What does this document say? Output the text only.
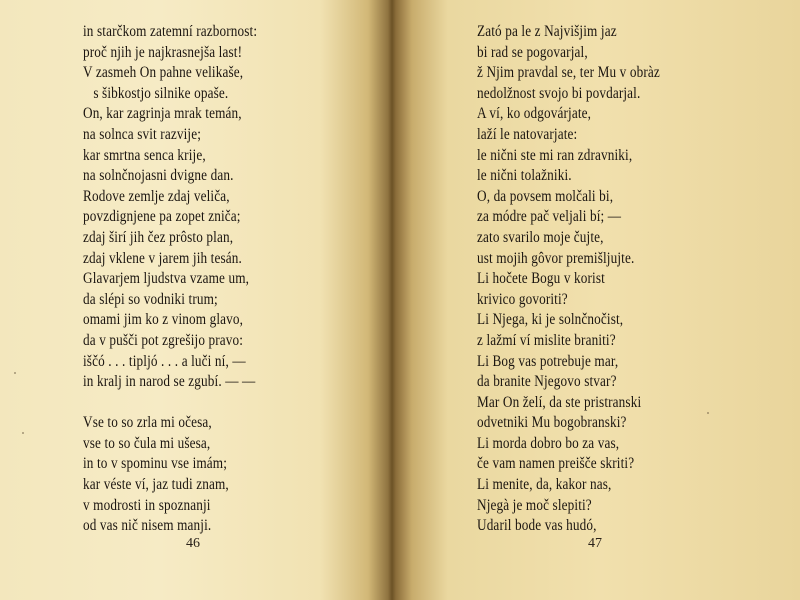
in starčkom zatemní razbornost:
proč njih je najkrasnejša last!
V zasmeh On pahne velikaše,
s šibkostjo silnike opaše.
On, kar zagrinja mrak temán,
na solnca svit razvije;
kar smrtna senca krije,
na solnčnojasni dvigne dan.
Rodove zemlje zdaj veliča,
povzdignjene pa zopet zniča;
zdaj širí jih čez prôsto plan,
zdaj vklene v jarem jih tesán.
Glavarjem ljudstva vzame um,
da slépi so vodniki trum;
omami jim ko z vinom glavo,
da v pušči pot zgrešijo pravo:
iščó . . . tipljó . . . a luči ní, —
in kralj in narod se zgubí. — —
Vse to so zrla mi očesa,
vse to so čula mi ušesa,
in to v spominu vse imám;
kar véste ví, jaz tudi znam,
v modrosti in spoznanji
od vas nič nisem manji.
46
Zató pa le z Najvišjim jaz
bi rad se pogovarjal,
ž Njim pravdal se, ter Mu v obràz
nedolžnost svojo bi povdarjal.
A ví, ko odgovárjate,
laží le natovarjate:
le nični ste mi ran zdravniki,
le nični tolažniki.
O, da povsem molčali bi,
za módre pač veljali bí; —
zato svarilo moje čujte,
ust mojih gôvor premišljujte.
Li hočete Bogu v korist
krivico govoriti?
Li Njega, ki je solnčnočist,
z lažmí ví mislite braniti?
Li Bog vas potrebuje mar,
da branite Njegovo stvar?
Mar On želí, da ste pristranski
odvetniki Mu bogobranski?
Li morda dobro bo za vas,
če vam namen preišče skriti?
Li menite, da, kakor nas,
Njegà je moč slepiti?
Udaril bode vas hudó,
47
